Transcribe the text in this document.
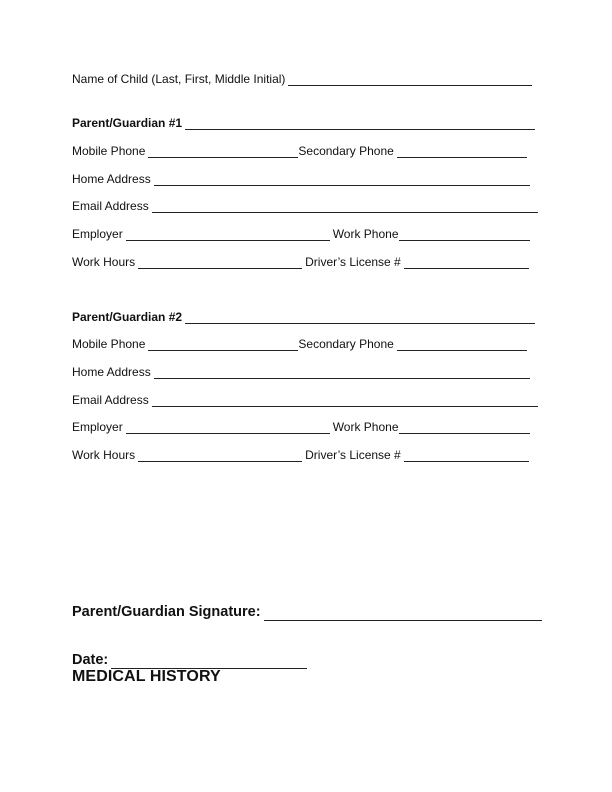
Name of Child (Last, First, Middle Initial)
Parent/Guardian #1
Mobile Phone	Secondary Phone
Home Address
Email Address
Employer	Work Phone
Work Hours	Driver’s License #
Parent/Guardian #2
Mobile Phone	Secondary Phone
Home Address
Email Address
Employer	Work Phone
Work Hours	Driver’s License #
Parent/Guardian Signature:
Date:
MEDICAL HISTORY
